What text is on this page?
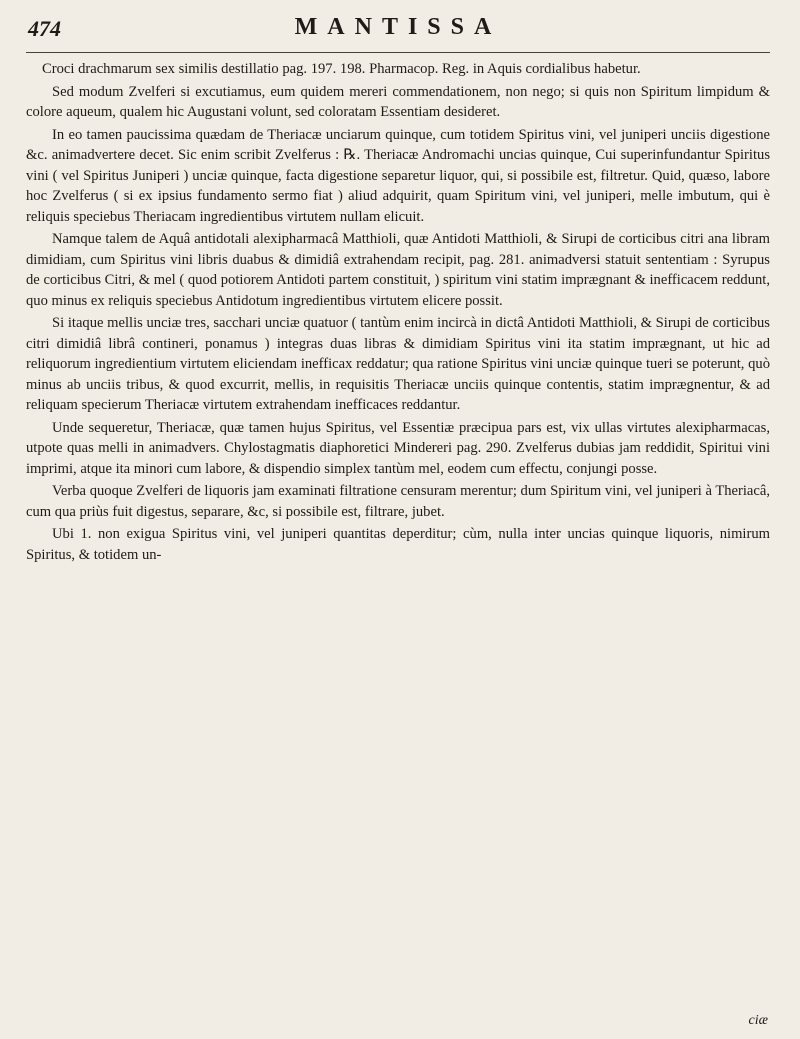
474	MANTISSA

Croci drachmarum sex similis destillatio pag. 197. 198. Pharmacop. Reg. in Aquis cordialibus habetur.

Sed modum Zvelferi si excutiamus, eum quidem mereri commendationem, non nego; si quis non Spiritum limpidum & colore aqueum, qualem hic Augustani volunt, sed coloratam Essentiam desideret.

In eo tamen paucissima quædam de Theriacæ unciarum quinque, cum totidem Spiritus vini, vel juniperi unciis digestione &c. animadvertere decet. Sic enim scribit Zvelferus : ℞. Theriacæ Andromachi uncias quinque, Cui superinfundantur Spiritus vini ( vel Spiritus Juniperi ) unciæ quinque, facta digestione separetur liquor, qui, si possibile est, filtretur. Quid, quæso, labore hoc Zvelferus ( si ex ipsius fundamento sermo fiat ) aliud adquirit, quam Spiritum vini, vel juniperi, melle imbutum, qui è reliquis speciebus Theriacam ingredientibus virtutem nullam elicuit.

Namque talem de Aquâ antidotali alexipharmacâ Matthioli, quæ Antidoti Matthioli, & Sirupi de corticibus citri ana libram dimidiam, cum Spiritus vini libris duabus & dimidiâ extrahendam recipit, pag. 281. animadversi statuit sententiam : Syrupus de corticibus Citri, & mel ( quod potiorem Antidoti partem constituit, ) spiritum vini statim imprægnant & inefficacem reddunt, quo minus ex reliquis speciebus Antidotum ingredientibus virtutem elicere possit.

Si itaque mellis unciæ tres, sacchari unciæ quatuor ( tantùm enim incircà in dictâ Antidoti Matthioli, & Sirupi de corticibus citri dimidiâ librâ contineri, ponamus ) integras duas libras & dimidiam Spiritus vini ita statim imprægnant, ut hic ad reliquorum ingredientium virtutem eliciendam inefficax reddatur; qua ratione Spiritus vini unciæ quinque tueri se poterunt, quò minus ab unciis tribus, & quod excurrit, mellis, in requisitis Theriacæ unciis quinque contentis, statim imprægnentur, & ad reliquam specierum Theriacæ virtutem extrahendam inefficaces reddantur.

Unde sequeretur, Theriacæ, quæ tamen hujus Spiritus, vel Essentiæ præcipua pars est, vix ullas virtutes alexipharmacas, utpote quas melli in animadvers. Chylostagmatis diaphoretici Mindereri pag. 290. Zvelferus dubias jam reddidit, Spiritui vini imprimi, atque ita minori cum labore, & dispendio simplex tantùm mel, eodem cum effectu, conjungi posse.

Verba quoque Zvelferi de liquoris jam examinati filtratione censuram merentur; dum Spiritum vini, vel juniperi à Theriacâ, cum qua priùs fuit digestus, separare, &c, si possibile est, filtrare, jubet.

Ubi 1. non exigua Spiritus vini, vel juniperi quantitas deperditur; cùm, nulla inter uncias quinque liquoris, nimirum Spiritus, & totidem un-

ciæ
